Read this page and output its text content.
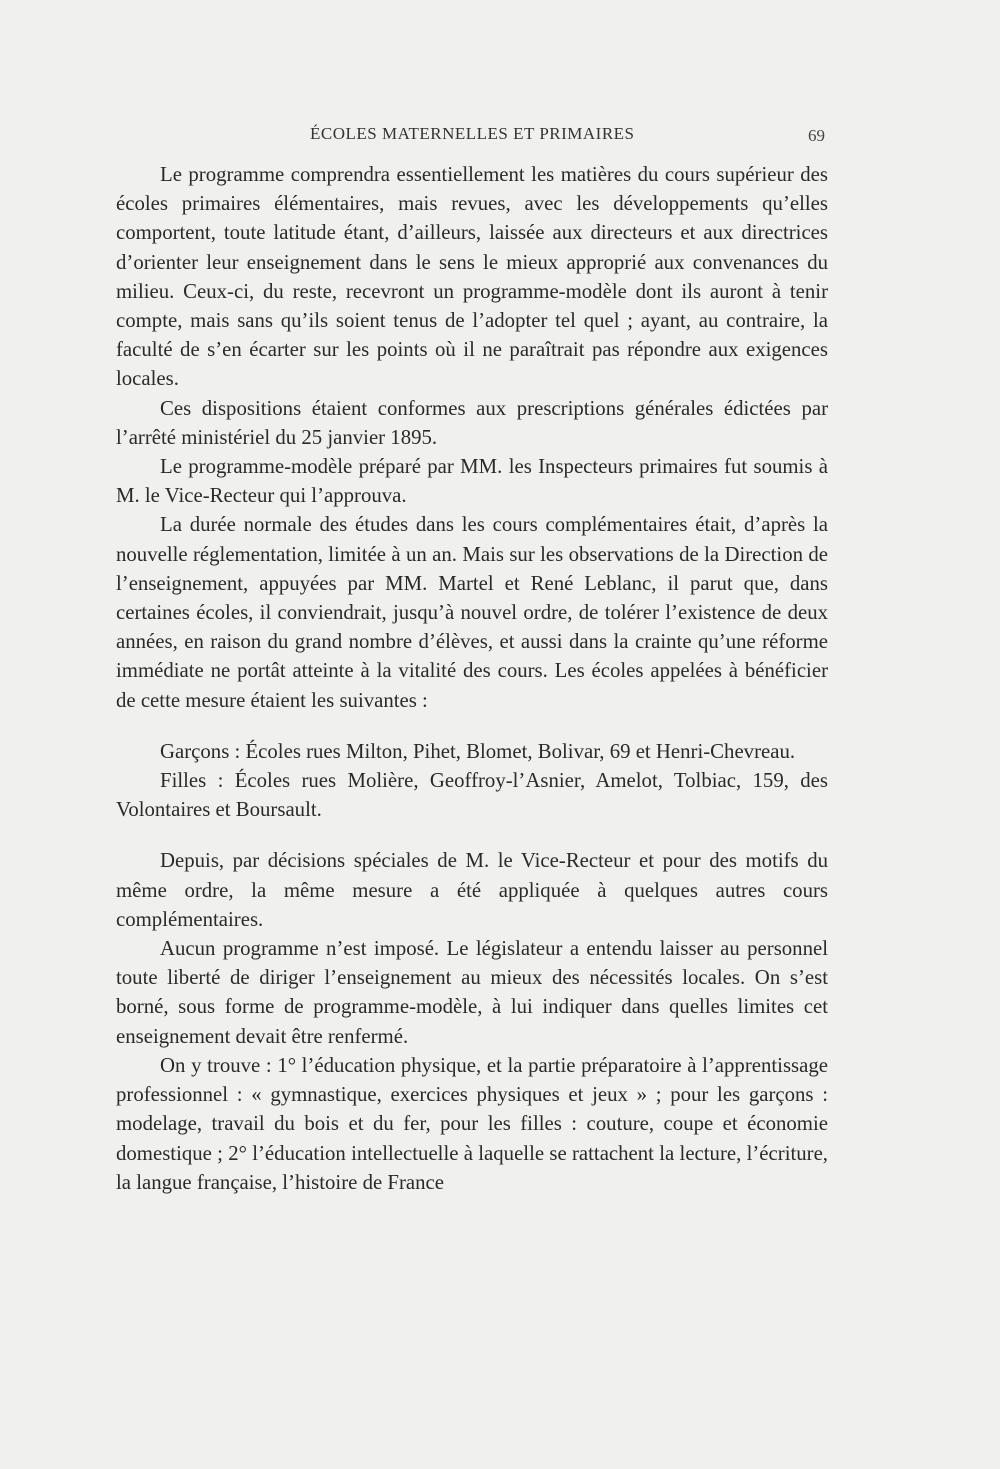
ÉCOLES MATERNELLES ET PRIMAIRES	69

Le programme comprendra essentiellement les matières du cours supérieur des écoles primaires élémentaires, mais revues, avec les développements qu’elles comportent, toute latitude étant, d’ailleurs, laissée aux directeurs et aux directrices d’orienter leur enseignement dans le sens le mieux approprié aux convenances du milieu. Ceux-ci, du reste, recevront un programme-modèle dont ils auront à tenir compte, mais sans qu’ils soient tenus de l’adopter tel quel ; ayant, au contraire, la faculté de s’en écarter sur les points où il ne paraîtrait pas répondre aux exigences locales.

Ces dispositions étaient conformes aux prescriptions générales édictées par l’arrêté ministériel du 25 janvier 1895.

Le programme-modèle préparé par MM. les Inspecteurs primaires fut soumis à M. le Vice-Recteur qui l’approuva.

La durée normale des études dans les cours complémentaires était, d’après la nouvelle réglementation, limitée à un an. Mais sur les observations de la Direction de l’enseignement, appuyées par MM. Martel et René Leblanc, il parut que, dans certaines écoles, il conviendrait, jusqu’à nouvel ordre, de tolérer l’existence de deux années, en raison du grand nombre d’élèves, et aussi dans la crainte qu’une réforme immédiate ne portât atteinte à la vitalité des cours. Les écoles appelées à bénéficier de cette mesure étaient les suivantes :

Garçons : Écoles rues Milton, Pihet, Blomet, Bolivar, 69 et Henri-Chevreau.

Filles : Écoles rues Molière, Geoffroy-l’Asnier, Amelot, Tolbiac, 159, des Volontaires et Boursault.

Depuis, par décisions spéciales de M. le Vice-Recteur et pour des motifs du même ordre, la même mesure a été appliquée à quelques autres cours complémentaires.

Aucun programme n’est imposé. Le législateur a entendu laisser au personnel toute liberté de diriger l’enseignement au mieux des nécessités locales. On s’est borné, sous forme de programme-modèle, à lui indiquer dans quelles limites cet enseignement devait être renfermé.

On y trouve : 1° l’éducation physique, et la partie préparatoire à l’apprentissage professionnel : « gymnastique, exercices physiques et jeux » ; pour les garçons : modelage, travail du bois et du fer, pour les filles : couture, coupe et économie domestique ; 2° l’éducation intellectuelle à laquelle se rattachent la lecture, l’écriture, la langue française, l’histoire de France
